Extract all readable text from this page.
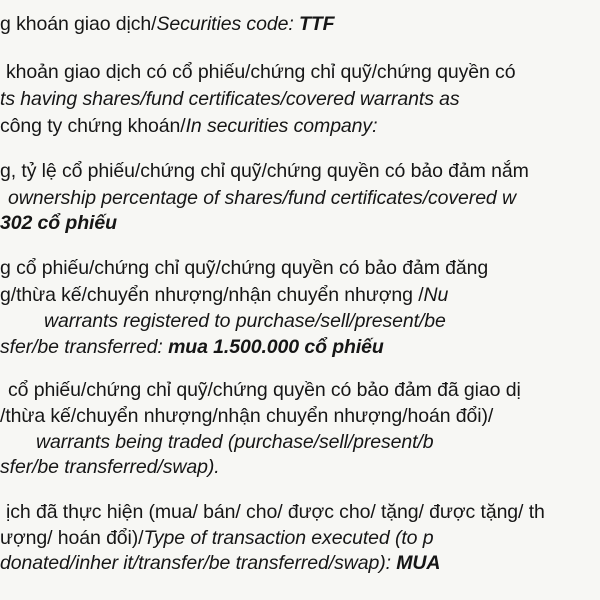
g khoán giao dịch/Securities code: TTF
khoản giao dịch có cổ phiếu/chứng chỉ quỹ/chứng quyền có
ts having shares/fund certificates/covered warrants as
công ty chứng khoán/In securities company:
g, tỷ lệ cổ phiếu/chứng chỉ quỹ/chứng quyền có bảo đảm nắm
ownership percentage of shares/fund certificates/covered w
302 cổ phiếu
g cổ phiếu/chứng chỉ quỹ/chứng quyền có bảo đảm đăng
g/thừa kế/chuyển nhượng/nhận chuyển nhượng /Nu
warrants registered to purchase/sell/present/be
sfer/be transferred: mua 1.500.000 cổ phiếu
cổ phiếu/chứng chỉ quỹ/chứng quyền có bảo đảm đã giao dị
/thừa kế/chuyển nhượng/nhận chuyển nhượng/hoán đổi)/
warrants being traded (purchase/sell/present/b
sfer/be transferred/swap).
ịch đã thực hiện (mua/ bán/ cho/ được cho/ tặng/ được tặng/ th
ượng/ hoán đổi)/Type of transaction executed (to p
donated/inher it/transfer/be transferred/swap): MUA
